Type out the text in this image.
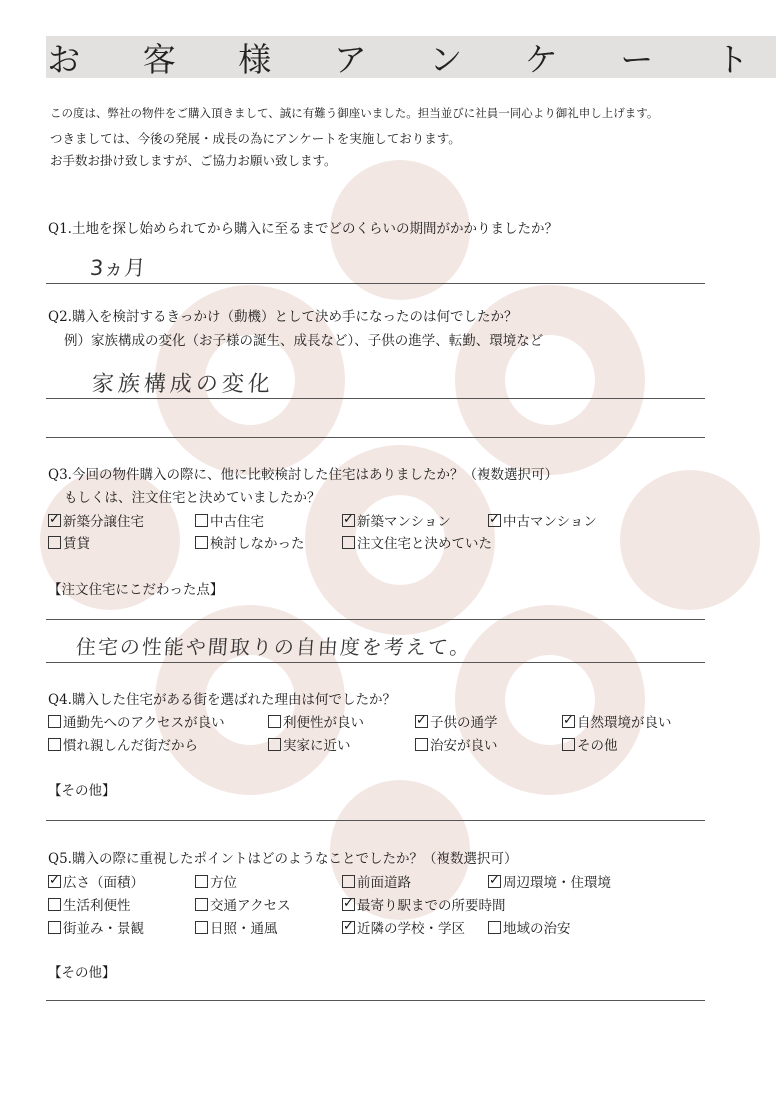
お 客 様 ア ン ケ ー ト
この度は、弊社の物件をご購入頂きまして、誠に有難う御座いました。担当並びに社員一同心より御礼申し上げます。
つきましては、今後の発展・成長の為にアンケートを実施しております。
お手数お掛け致しますが、ご協力お願い致します。
Q1.土地を探し始められてから購入に至るまでどのくらいの期間がかかりましたか？
3ヵ月
Q2.購入を検討するきっかけ（動機）として決め手になったのは何でしたか？
例）家族構成の変化（お子様の誕生、成長など）、子供の進学、転勤、環境など
家族構成の変化
Q3.今回の物件購入の際に、他に比較検討した住宅はありましたか？（複数選択可）
もしくは、注文住宅と決めていましたか？
✓ 新築分譲住宅	中古住宅	✓ 新築マンション	✓ 中古マンション
賃貸	検討しなかった	注文住宅と決めていた
【注文住宅にこだわった点】
住宅の性能や間取りの自由度を考えて。
Q4.購入した住宅がある街を選ばれた理由は何でしたか？
通勤先へのアクセスが良い	利便性が良い	✓ 子供の通学	✓ 自然環境が良い
慣れ親しんだ街だから	実家に近い	治安が良い	その他
【その他】
Q5.購入の際に重視したポイントはどのようなことでしたか？（複数選択可）
✓ 広さ（面積）	方位	前面道路	✓ 周辺環境・住環境
生活利便性	交通アクセス	✓ 最寄り駅までの所要時間
街並み・景観	日照・通風	✓ 近隣の学校・学区	地域の治安
【その他】
